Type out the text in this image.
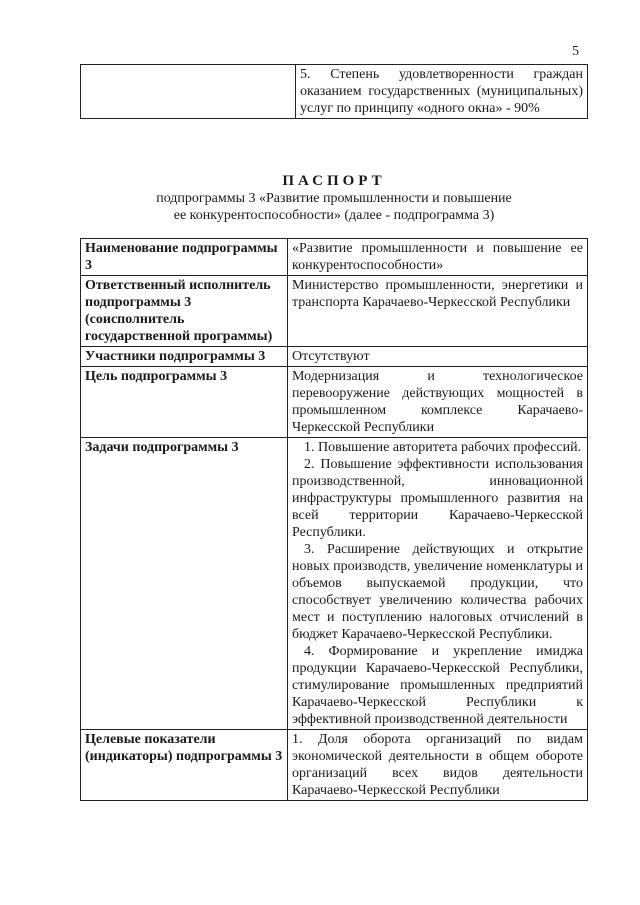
5
	5. Степень удовлетворенности граждан оказанием государственных (муниципальных) услуг по принципу «одного окна» - 90%
ПАСПОРТ
подпрограммы 3 «Развитие промышленности и повышение
ее конкурентоспособности» (далее - подпрограмма 3)
Наименование подпрограммы 3	«Развитие промышленности и повышение ее конкурентоспособности»
Ответственный исполнитель подпрограммы 3 (соисполнитель государственной программы)	Министерство промышленности, энергетики и транспорта Карачаево-Черкесской Республики
Участники подпрограммы 3	Отсутствуют
Цель подпрограммы 3	Модернизация и технологическое перевооружение действующих мощностей в промышленном комплексе Карачаево-Черкесской Республики
Задачи подпрограммы 3	1. Повышение авторитета рабочих профессий.

2. Повышение эффективности использования производственной, инновационной инфраструктуры промышленного развития на всей территории Карачаево-Черкесской Республики.

3. Расширение действующих и открытие новых производств, увеличение номенклатуры и объемов выпускаемой продукции, что способствует увеличению количества рабочих мест и поступлению налоговых отчислений в бюджет Карачаево-Черкесской Республики.

4. Формирование и укрепление имиджа продукции Карачаево-Черкесской Республики, стимулирование промышленных предприятий Карачаево-Черкесской Республики к эффективной производственной деятельности

Целевые показатели (индикаторы) подпрограммы 3	1. Доля оборота организаций по видам экономической деятельности в общем обороте организаций всех видов деятельности Карачаево-Черкесской Республики
